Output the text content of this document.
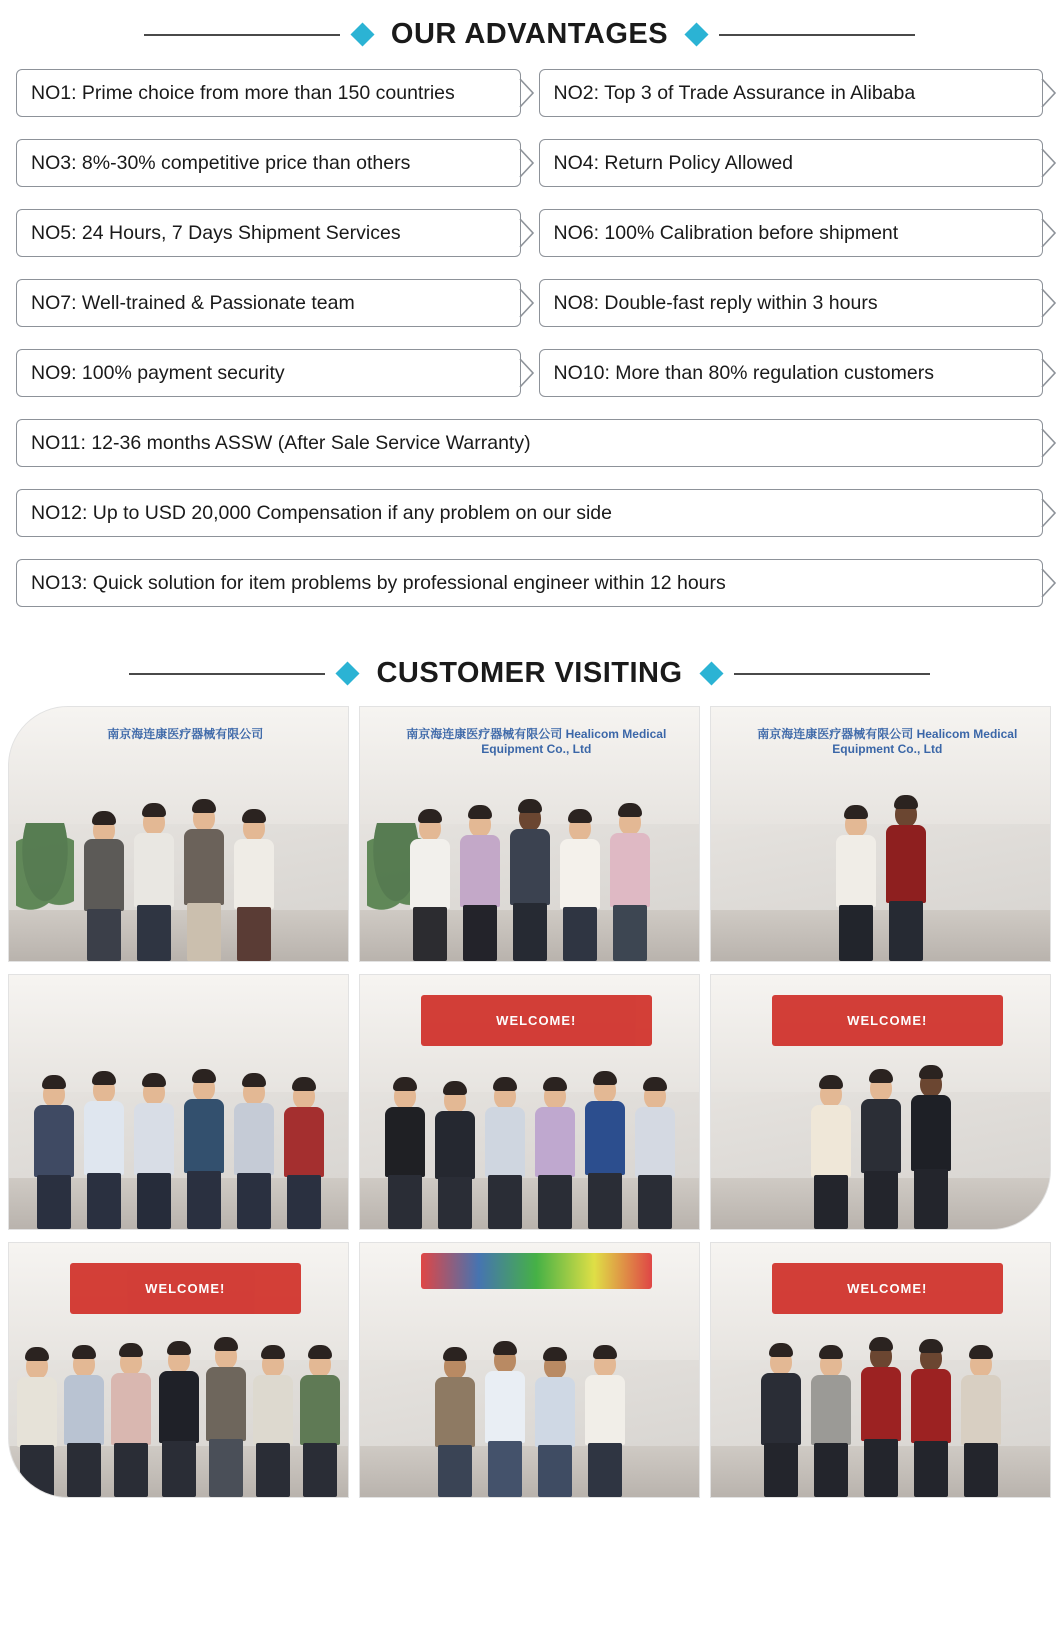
OUR ADVANTAGES
NO1: Prime choice from more than 150 countries	NO2: Top 3 of Trade Assurance in Alibaba
NO3: 8%-30% competitive price than others	NO4: Return Policy Allowed
NO5: 24 Hours, 7 Days Shipment Services	NO6: 100% Calibration before shipment
NO7: Well-trained & Passionate team	NO8: Double-fast reply within 3 hours
NO9: 100% payment security	NO10: More than 80% regulation customers
NO11: 12-36 months ASSW (After Sale Service Warranty)
NO12: Up to USD 20,000 Compensation if any problem on our side
NO13: Quick solution for item problems by professional engineer within 12 hours
CUSTOMER VISITING
南京海连康医疗器械有限公司	南京海连康医疗器械有限公司 Healicom Medical Equipment Co., Ltd
南京海连康医疗器械有限公司 Healicom Medical Equipment Co., Ltd
WELCOME!	WELCOME!
WELCOME!	WELCOME!
